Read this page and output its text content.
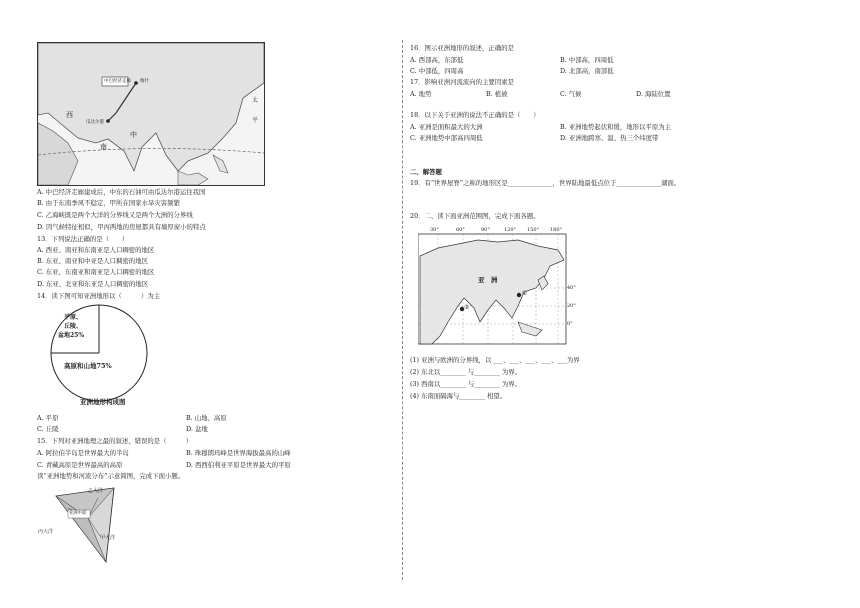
中巴经济走廊 喀什
瓜达尔港
西
南
中
太
平
A. 中巴经济走廊建成后，中东的石油可由瓜达尔港运往我国
B. 由于东南季风不稳定，甲所在国家水旱灾害频繁
C. 乙海峡既是两个大洋的分界线又是两个大洲的分界线
D. 因气候特征相似，甲丙两地的房屋都具有墙厚窗小的特点
13．下列说法正确的是（　　）
A. 西亚、南亚和东南亚是人口稠密的地区
B. 东亚、南亚和中亚是人口稠密的地区
C. 东亚、东南亚和南亚是人口稠密的地区
D. 东亚、北亚和东亚是人口稠密的地区
14．读下图可知亚洲地形以（　　　）为主
平原、
丘陵、
盆地25%
高原和山地75%
亚洲地形构成图
A. 平原	B. 山地、高原
C. 丘陵	D. 盆地
15．下列对亚洲地理之最的叙述，错误的是（　　　）
A. 阿拉伯半岛是世界最大的半岛	B. 珠穆朗玛峰是世界海拔最高的山峰
C. 青藏高原是世界最高的高原	D. 西西伯利亚平原是世界最大的平原
读“亚洲地势和河流分布”示意简图，完成下面小题。
乙大洋
丙大洋
甲大洋
亚洲中部
16．图示亚洲地形的叙述，正确的是
A. 西部高，东部低	B. 中部高，四周低
C. 中部低，四周高	D. 北部高，南部低
17．影响亚洲河流流向的主要因素是
A. 地势	B. 植被	C. 气候	D. 海陆位置
18．以下关于亚洲的说法不正确的是（　　）
A. 亚洲是面积最大的大洲	B. 亚洲地势起伏和缓，地形以平原为主
C. 亚洲地势中部高四周低	D. 亚洲地跨寒、温、热三个纬度带
二、解答题
19．有“世界屋脊”之称的地形区是______________，世界陆地最低点位于______________湖面。
20．二、读下面亚洲范围图，完成下面各题。
30°	60°	90°	120° 150° 180°
40°
20°
0°
亚　洲
①
②
(1) 亚洲与欧洲的分界线，以 ___、___、___、___、___为界
(2) 东北以________ 与________ 为界。
(3) 西南以________ 与________ 为界。
(4) 东南面隔海与________ 相望。
